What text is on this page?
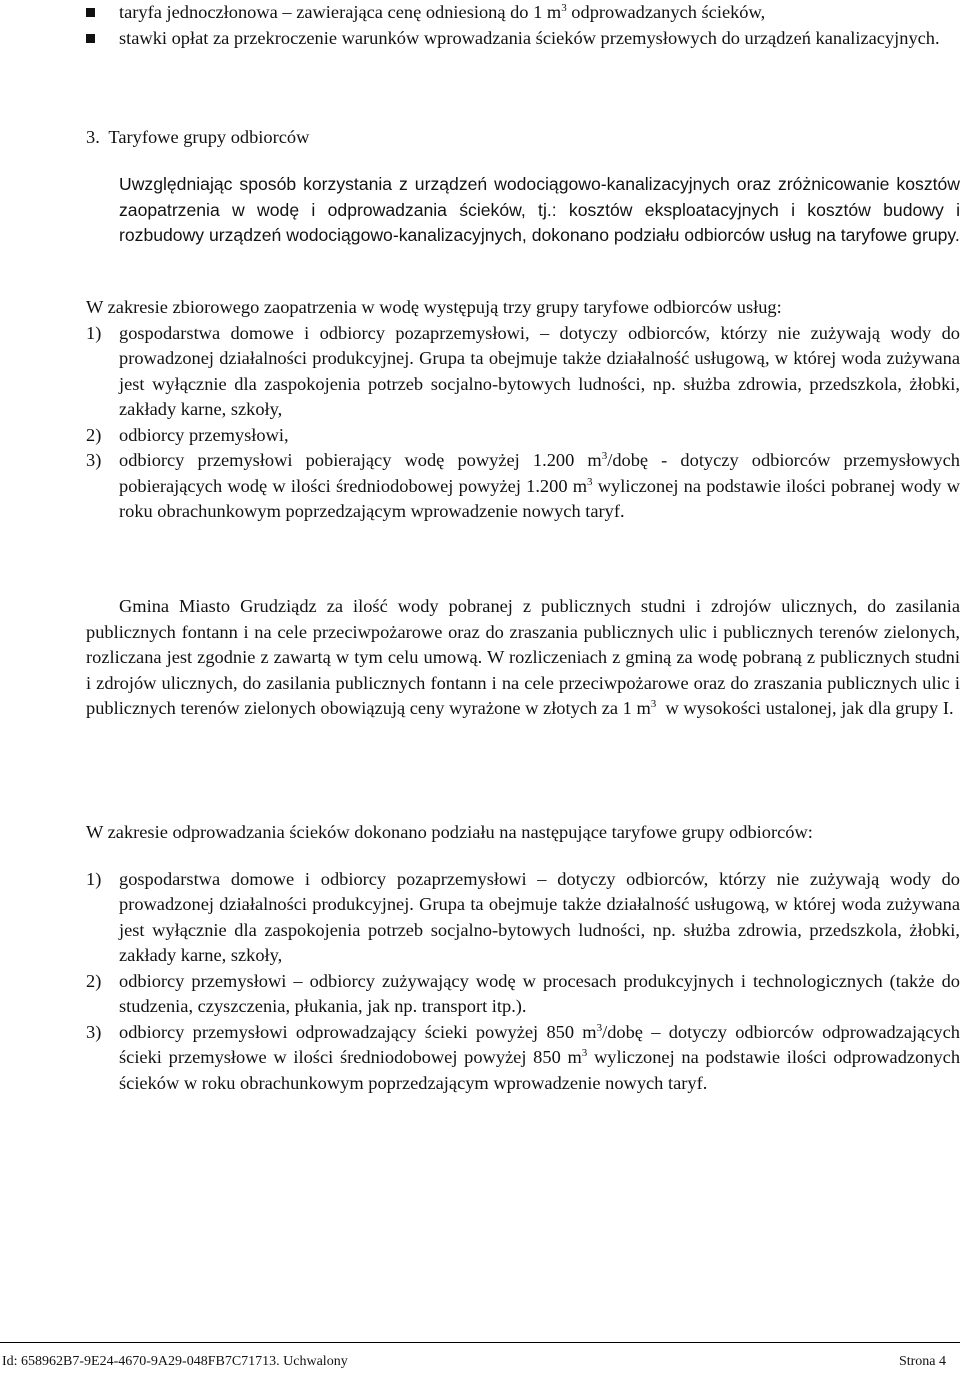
taryfa jednoczłonowa – zawierająca cenę odniesioną do 1 $m^3$ odprowadzanych ścieków,

stawki opłat za przekroczenie warunków wprowadzania ścieków przemysłowych do urządzeń kanalizacyjnych.

3. Taryfowe grupy odbiorców

Uwzględniając sposób korzystania z urządzeń wodociągowo-kanalizacyjnych oraz zróżnicowanie kosztów zaopatrzenia w wodę i odprowadzania ścieków, tj.: kosztów eksploatacyjnych i kosztów budowy i rozbudowy urządzeń wodociągowo-kanalizacyjnych, dokonano podziału odbiorców usług na taryfowe grupy.

W zakresie zbiorowego zaopatrzenia w wodę występują trzy grupy taryfowe odbiorców usług:

1) gospodarstwa domowe i odbiorcy pozaprzemysłowi, – dotyczy odbiorców, którzy nie zużywają wody do prowadzonej działalności produkcyjnej. Grupa ta obejmuje także działalność usługową, w której woda zużywana jest wyłącznie dla zaspokojenia potrzeb socjalno-bytowych ludności, np. służba zdrowia, przedszkola, żłobki, zakłady karne, szkoły,

2) odbiorcy przemysłowi,

3) odbiorcy przemysłowi pobierający wodę powyżej 1.200 $m^3$/dobę - dotyczy odbiorców przemysłowych pobierających wodę w ilości średniodobowej powyżej 1.200 $m^3$ wyliczonej na podstawie ilości pobranej wody w roku obrachunkowym poprzedzającym wprowadzenie nowych taryf.

Gmina Miasto Grudziądz za ilość wody pobranej z publicznych studni i zdrojów ulicznych, do zasilania publicznych fontann i na cele przeciwpożarowe oraz do zraszania publicznych ulic i publicznych terenów zielonych, rozliczana jest zgodnie z zawartą w tym celu umową. W rozliczeniach z gminą za wodę pobraną z publicznych studni i zdrojów ulicznych, do zasilania publicznych fontann i na cele przeciwpożarowe oraz do zraszania publicznych ulic i publicznych terenów zielonych obowiązują ceny wyrażone w złotych za 1 $m^3$  w wysokości ustalonej, jak dla grupy I.

W zakresie odprowadzania ścieków dokonano podziału na następujące taryfowe grupy odbiorców:

1) gospodarstwa domowe i odbiorcy pozaprzemysłowi – dotyczy odbiorców, którzy nie zużywają wody do prowadzonej działalności produkcyjnej. Grupa ta obejmuje także działalność usługową, w której woda zużywana jest wyłącznie dla zaspokojenia potrzeb socjalno-bytowych ludności, np. służba zdrowia, przedszkola, żłobki, zakłady karne, szkoły,

2) odbiorcy przemysłowi – odbiorcy zużywający wodę w procesach produkcyjnych i technologicznych (także do studzenia, czyszczenia, płukania, jak np. transport itp.).

3) odbiorcy przemysłowi odprowadzający ścieki powyżej 850 $m^3$/dobę – dotyczy odbiorców odprowadzających ścieki przemysłowe w ilości średniodobowej powyżej 850 $m^3$ wyliczonej na podstawie ilości odprowadzonych ścieków w roku obrachunkowym poprzedzającym wprowadzenie nowych taryf.

Id: 658962B7-9E24-4670-9A29-048FB7C71713. Uchwalony	Strona 4
